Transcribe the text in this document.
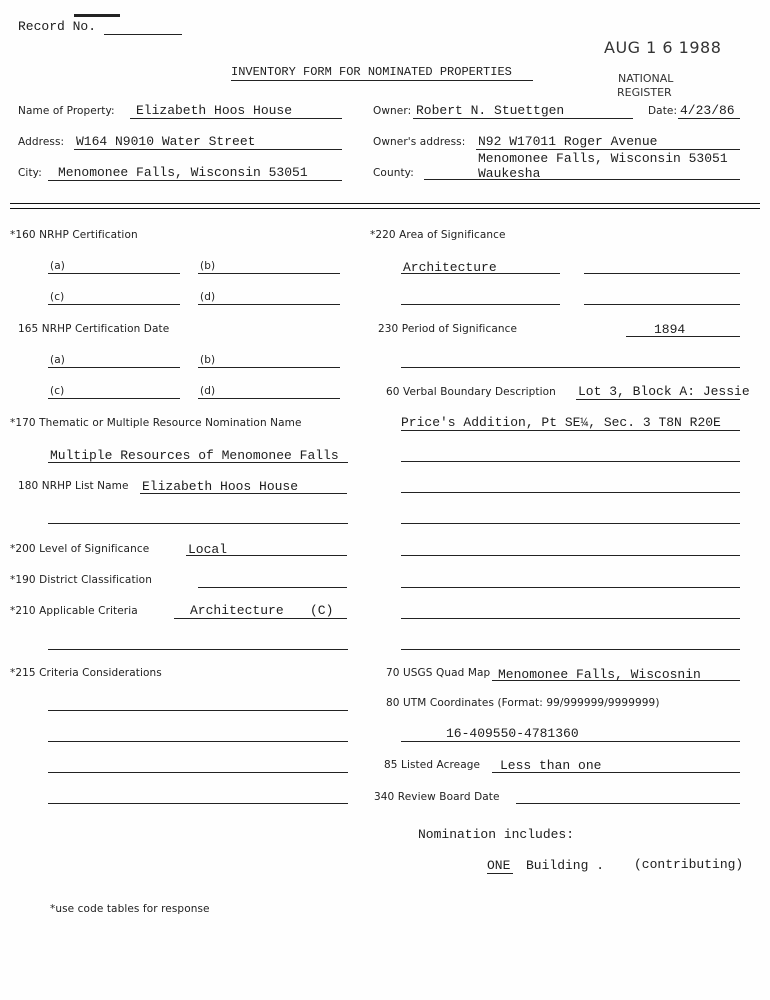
Record No.
AUG 1 6 1988
NATIONAL
REGISTER
INVENTORY FORM FOR NOMINATED PROPERTIES
Name of Property: Elizabeth Hoos House	Owner: Robert N. Stuettgen	Date: 4/23/86
Address: W164 N9010 Water Street	Owner's address: N92 W17011 Roger Avenue
Menomonee Falls, Wisconsin 53051
City: Menomonee Falls, Wisconsin 53051	County:	Waukesha
*160 NRHP Certification
(a)	(b)
(c)	(d)
165 NRHP Certification Date
(a)	(b)
(c)	(d)
*170 Thematic or Multiple Resource Nomination Name
Multiple Resources of Menomonee Falls
180 NRHP List Name Elizabeth Hoos House
*200 Level of Significance	Local
*190 District Classification
*210 Applicable Criteria	Architecture (C)
*215 Criteria Considerations
*use code tables for response
*220 Area of Significance
Architecture
230 Period of Significance	1894
60 Verbal Boundary Description Lot 3, Block A: Jessie
Price's Addition, Pt SE¼, Sec. 3 T8N R20E
70 USGS Quad Map Menomonee Falls, Wiscosnin
80 UTM Coordinates (Format: 99/999999/9999999)
16-409550-4781360
85 Listed Acreage Less than one
340 Review Board Date
Nomination includes:
ONE Building . (contributing)
